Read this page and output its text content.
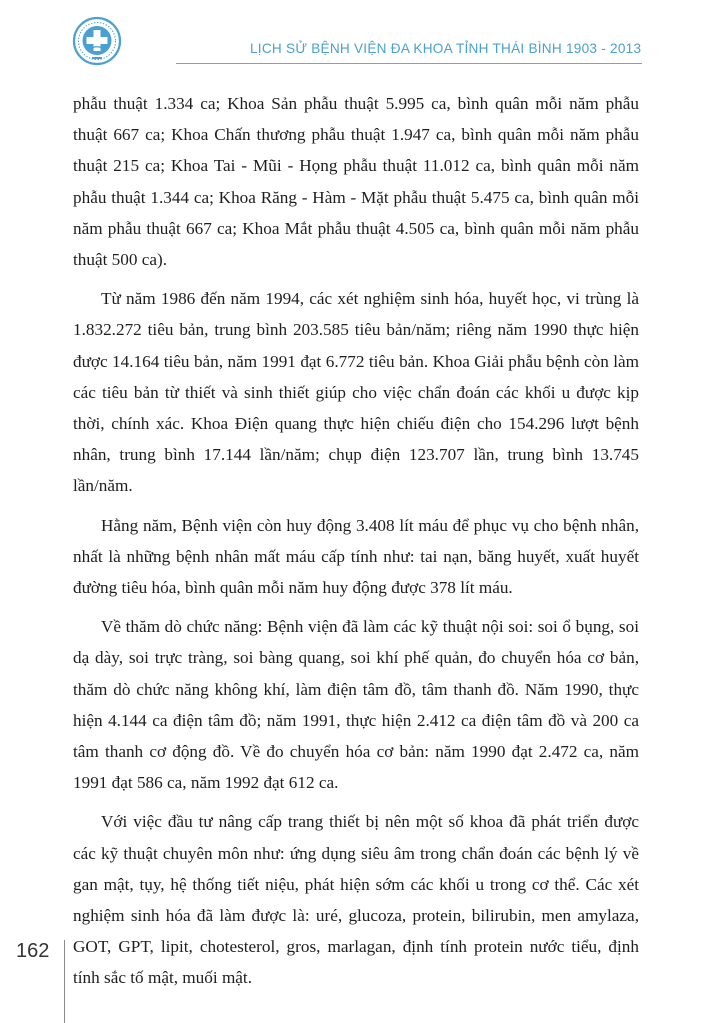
LỊCH SỬ BỆNH VIỆN ĐA KHOA TỈNH THÁI BÌNH 1903 - 2013

phẫu thuật 1.334 ca; Khoa Sản phẫu thuật 5.995 ca, bình quân mỗi năm phẫu thuật 667 ca; Khoa Chấn thương phẫu thuật 1.947 ca, bình quân mỗi năm phẫu thuật 215 ca; Khoa Tai - Mũi - Họng phẫu thuật 11.012 ca, bình quân mỗi năm phẫu thuật 1.344 ca; Khoa Răng - Hàm - Mặt phẫu thuật 5.475 ca, bình quân mỗi năm phẫu thuật 667 ca; Khoa Mắt phẫu thuật 4.505 ca, bình quân mỗi năm phẫu thuật 500 ca).

Từ năm 1986 đến năm 1994, các xét nghiệm sinh hóa, huyết học, vi trùng là 1.832.272 tiêu bản, trung bình 203.585 tiêu bản/năm; riêng năm 1990 thực hiện được 14.164 tiêu bản, năm 1991 đạt 6.772 tiêu bản. Khoa Giải phẫu bệnh còn làm các tiêu bản từ thiết và sinh thiết giúp cho việc chẩn đoán các khối u được kịp thời, chính xác. Khoa Điện quang thực hiện chiếu điện cho 154.296 lượt bệnh nhân, trung bình 17.144 lần/năm; chụp điện 123.707 lần, trung bình 13.745 lần/năm.

Hằng năm, Bệnh viện còn huy động 3.408 lít máu để phục vụ cho bệnh nhân, nhất là những bệnh nhân mất máu cấp tính như: tai nạn, băng huyết, xuất huyết đường tiêu hóa, bình quân mỗi năm huy động được 378 lít máu.

Về thăm dò chức năng: Bệnh viện đã làm các kỹ thuật nội soi: soi ổ bụng, soi dạ dày, soi trực tràng, soi bàng quang, soi khí phế quản, đo chuyển hóa cơ bản, thăm dò chức năng không khí, làm điện tâm đồ, tâm thanh đồ. Năm 1990, thực hiện 4.144 ca điện tâm đồ; năm 1991, thực hiện 2.412 ca điện tâm đồ và 200 ca tâm thanh cơ động đồ. Về đo chuyển hóa cơ bản: năm 1990 đạt 2.472 ca, năm 1991 đạt 586 ca, năm 1992 đạt 612 ca.

Với việc đầu tư nâng cấp trang thiết bị nên một số khoa đã phát triển được các kỹ thuật chuyên môn như: ứng dụng siêu âm trong chẩn đoán các bệnh lý về gan mật, tụy, hệ thống tiết niệu, phát hiện sớm các khối u trong cơ thể. Các xét nghiệm sinh hóa đã làm được là: uré, glucoza, protein, bilirubin, men amylaza, GOT, GPT, lipit, chotesterol, gros, marlagan, định tính protein nước tiểu, định tính sắc tố mật, muối mật.

162
